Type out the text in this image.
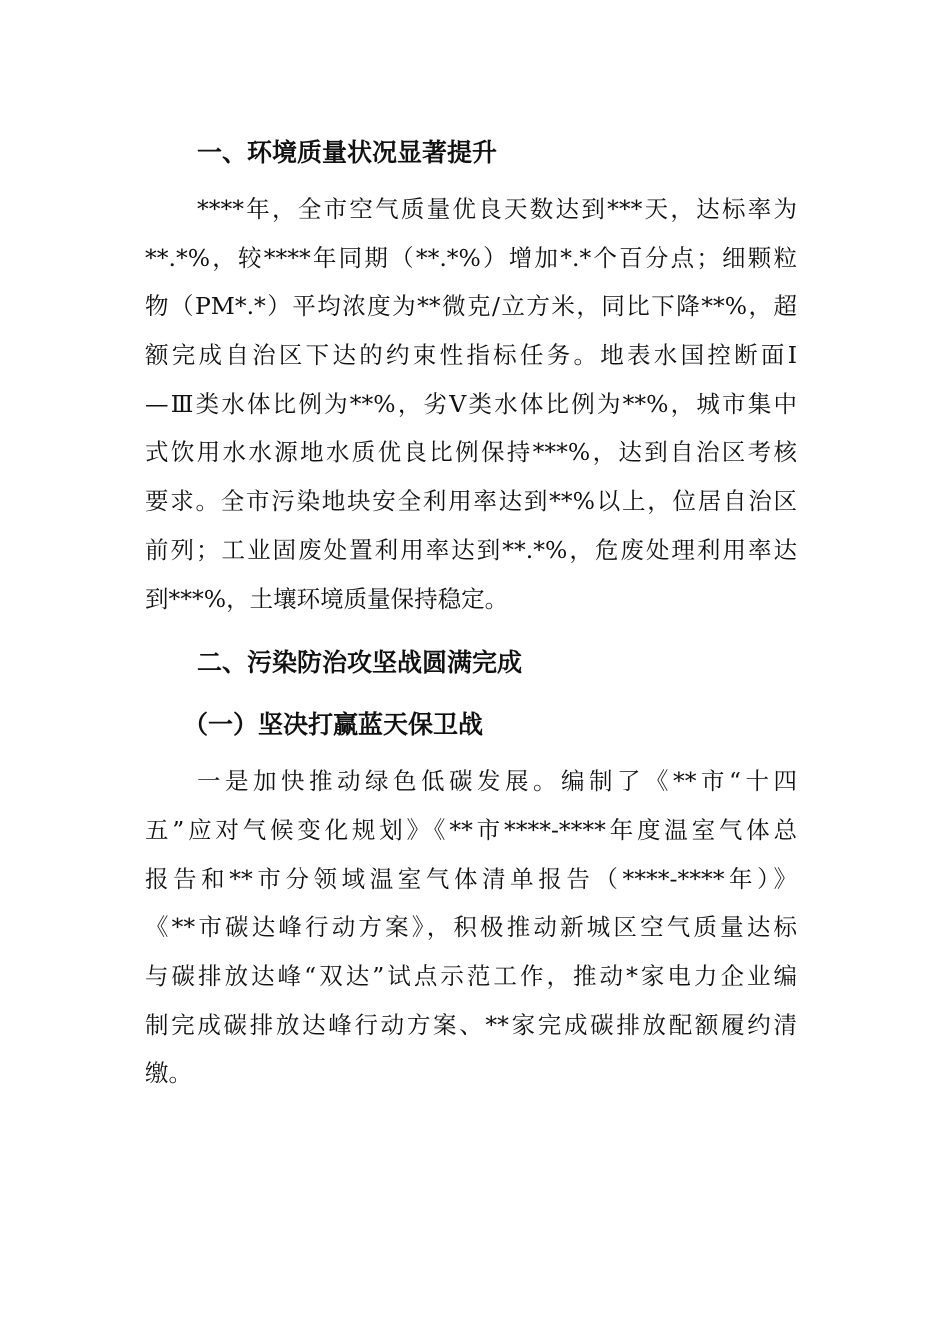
一、环境质量状况显著提升
****年，全市空气质量优良天数达到***天，达标率为
**.*%，较****年同期（**.*%）增加*.*个百分点；细颗粒
物（PM*.*）平均浓度为**微克/立方米，同比下降**%，超
额完成自治区下达的约束性指标任务。地表水国控断面Ⅰ
—Ⅲ类水体比例为**%，劣Ⅴ类水体比例为**%，城市集中
式饮用水水源地水质优良比例保持***%，达到自治区考核
要求。全市污染地块安全利用率达到**%以上，位居自治区
前列；工业固废处置利用率达到**.*%，危废处理利用率达
到***%，土壤环境质量保持稳定。
二、污染防治攻坚战圆满完成
（一）坚决打赢蓝天保卫战
一是加快推动绿色低碳发展。编制了《**市“十四
五”应对气候变化规划》《**市****-****年度温室气体总
报告和**市分领域温室气体清单报告（****-****年）》
《**市碳达峰行动方案》，积极推动新城区空气质量达标
与碳排放达峰“双达”试点示范工作，推动*家电力企业编
制完成碳排放达峰行动方案、**家完成碳排放配额履约清
缴。
